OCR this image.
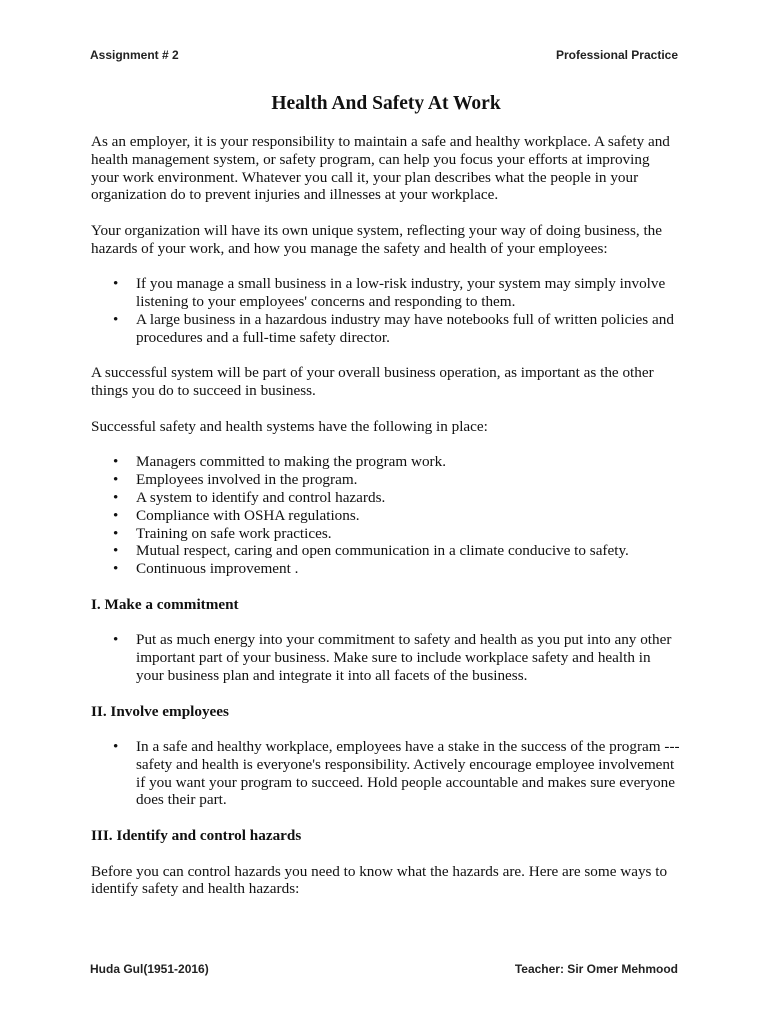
Assignment # 2	Professional Practice
Health And Safety At Work

As an employer, it is your responsibility to maintain a safe and healthy workplace. A safety and health management system, or safety program, can help you focus your efforts at improving your work environment. Whatever you call it, your plan describes what the people in your organization do to prevent injuries and illnesses at your workplace.

Your organization will have its own unique system, reflecting your way of doing business, the hazards of your work, and how you manage the safety and health of your employees:

• If you manage a small business in a low-risk industry, your system may simply involve listening to your employees' concerns and responding to them.
• A large business in a hazardous industry may have notebooks full of written policies and procedures and a full-time safety director.

A successful system will be part of your overall business operation, as important as the other things you do to succeed in business.

Successful safety and health systems have the following in place:

• Managers committed to making the program work.
• Employees involved in the program.
• A system to identify and control hazards.
• Compliance with OSHA regulations.
• Training on safe work practices.
• Mutual respect, caring and open communication in a climate conducive to safety.
• Continuous improvement .
I. Make a commitment
• Put as much energy into your commitment to safety and health as you put into any other important part of your business. Make sure to include workplace safety and health in your business plan and integrate it into all facets of the business.
II. Involve employees
• In a safe and healthy workplace, employees have a stake in the success of the program --- safety and health is everyone's responsibility. Actively encourage employee involvement if you want your program to succeed. Hold people accountable and makes sure everyone does their part.
III. Identify and control hazards

Before you can control hazards you need to know what the hazards are. Here are some ways to identify safety and health hazards:

Huda Gul(1951-2016)	Teacher: Sir Omer Mehmood
